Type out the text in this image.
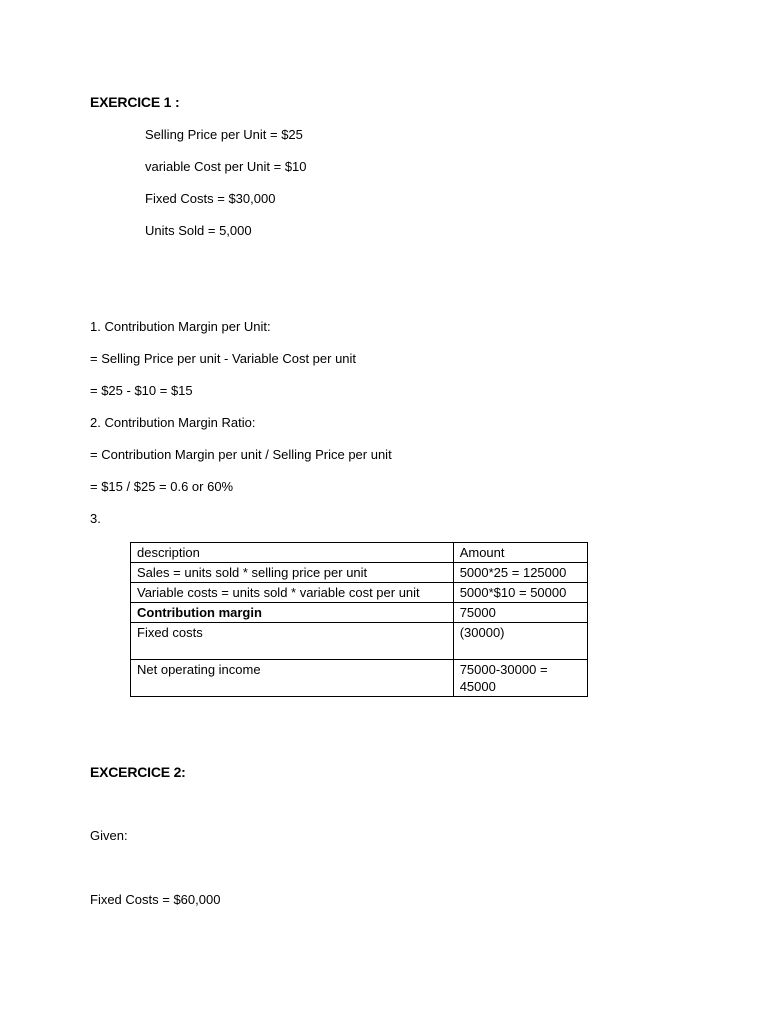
EXERCICE 1 :
Selling Price per Unit = $25
variable Cost per Unit = $10
Fixed Costs = $30,000
Units Sold = 5,000
1. Contribution Margin per Unit:
= Selling Price per unit - Variable Cost per unit
= $25 - $10 = $15
2. Contribution Margin Ratio:
= Contribution Margin per unit / Selling Price per unit
= $15 / $25 = 0.6 or 60%
3.
description	Amount
Sales = units sold * selling price per unit	5000*25 = 125000
Variable costs = units sold * variable cost per unit	5000*$10 = 50000
Contribution margin	75000
Fixed costs	(30000)
Net operating income	75000-30000 =
45000
EXCERCICE 2:
Given:
Fixed Costs = $60,000
